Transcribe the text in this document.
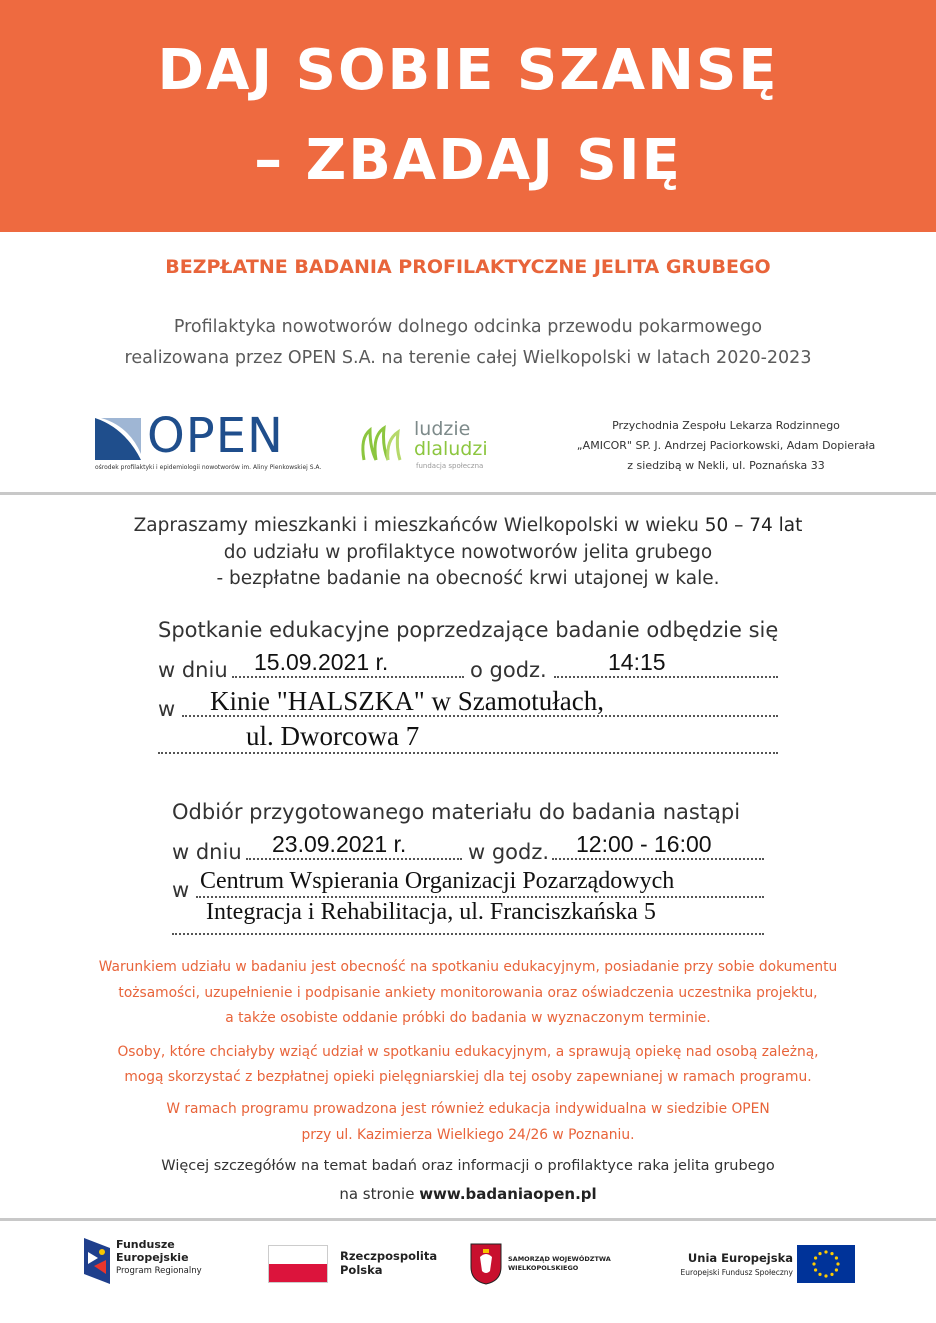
DAJ SOBIE SZANSĘ
– ZBADAJ SIĘ
BEZPŁATNE BADANIA PROFILAKTYCZNE JELITA GRUBEGO
Profilaktyka nowotworów dolnego odcinka przewodu pokarmowego
realizowana przez OPEN S.A. na terenie całej Wielkopolski w latach 2020-2023
OPEN
ośrodek profilaktyki i epidemiologii nowotworów im. Aliny Pienkowskiej S.A.
ludzie
dlaludzi
fundacja społeczna
Przychodnia Zespołu Lekarza Rodzinnego
„AMICOR" SP. J. Andrzej Paciorkowski, Adam Dopierała
z siedzibą w Nekli, ul. Poznańska 33
Zapraszamy mieszkanki i mieszkańców Wielkopolski w wieku 50 – 74 lat
do udziału w profilaktyce nowotworów jelita grubego
- bezpłatne badanie na obecność krwi utajonej w kale.
Spotkanie edukacyjne poprzedzające badanie odbędzie się
w dniu 15.09.2021 r.	o godz.	14:15
w Kinie "HALSZKA" w Szamotułach,
ul. Dworcowa 7
Odbiór przygotowanego materiału do badania nastąpi
w dniu 23.09.2021 r.	w godz. 12:00 - 16:00
w Centrum Wspierania Organizacji Pozarządowych
Integracja i Rehabilitacja, ul. Franciszkańska 5
Warunkiem udziału w badaniu jest obecność na spotkaniu edukacyjnym, posiadanie przy sobie dokumentu
tożsamości, uzupełnienie i podpisanie ankiety monitorowania oraz oświadczenia uczestnika projektu,
a także osobiste oddanie próbki do badania w wyznaczonym terminie.
Osoby, które chciałyby wziąć udział w spotkaniu edukacyjnym, a sprawują opiekę nad osobą zależną,
mogą skorzystać z bezpłatnej opieki pielęgniarskiej dla tej osoby zapewnianej w ramach programu.
W ramach programu prowadzona jest również edukacja indywidualna w siedzibie OPEN
przy ul. Kazimierza Wielkiego 24/26 w Poznaniu.
Więcej szczegółów na temat badań oraz informacji o profilaktyce raka jelita grubego
na stronie www.badaniaopen.pl
Fundusze
Europejskie
Program Regionalny
Rzeczpospolita
Polska
SAMORZĄD WOJEWÓDZTWA
WIELKOPOLSKIEGO
Unia Europejska
Europejski Fundusz Społeczny
